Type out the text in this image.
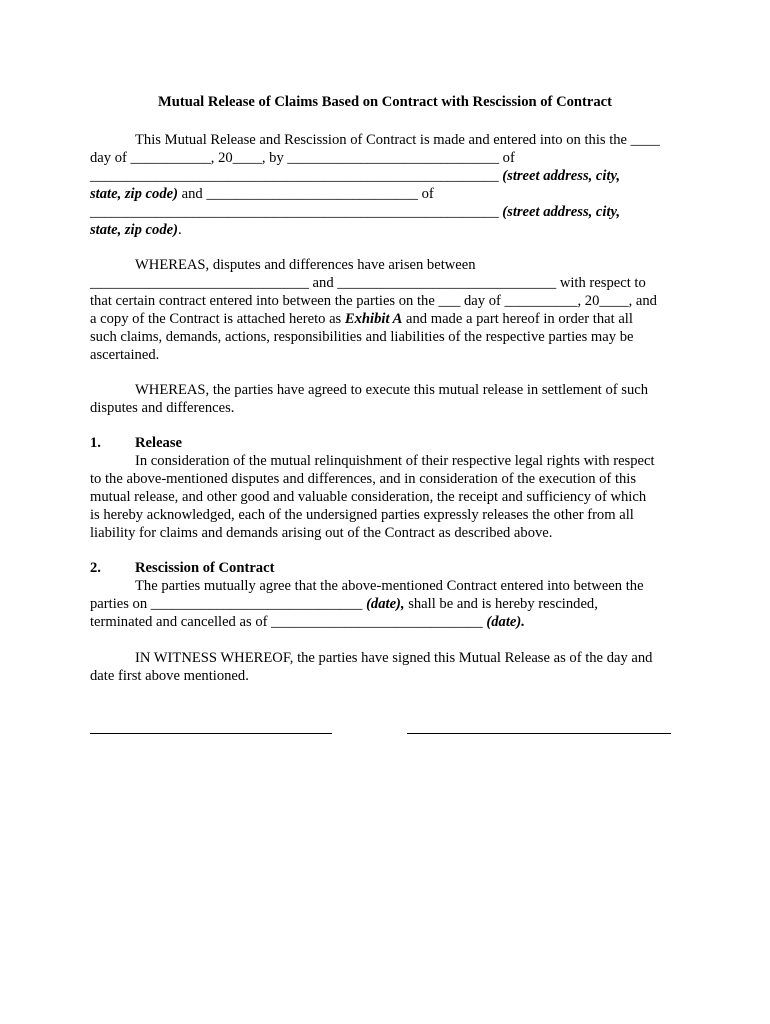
Mutual Release of Claims Based on Contract with Rescission of Contract
This Mutual Release and Rescission of Contract is made and entered into on this the ____
day of ___________, 20____, by _____________________________ of
________________________________________________________ (street address, city,
state, zip code) and _____________________________ of
________________________________________________________ (street address, city,
state, zip code).
WHEREAS, disputes and differences have arisen between
______________________________ and ______________________________ with respect to
that certain contract entered into between the parties on the ___ day of __________, 20____, and
a copy of the Contract is attached hereto as Exhibit A and made a part hereof in order that all
such claims, demands, actions, responsibilities and liabilities of the respective parties may be
ascertained.
WHEREAS, the parties have agreed to execute this mutual release in settlement of such
disputes and differences.
1. Release
In consideration of the mutual relinquishment of their respective legal rights with respect
to the above-mentioned disputes and differences, and in consideration of the execution of this
mutual release, and other good and valuable consideration, the receipt and sufficiency of which
is hereby acknowledged, each of the undersigned parties expressly releases the other from all
liability for claims and demands arising out of the Contract as described above.
2. Rescission of Contract
The parties mutually agree that the above-mentioned Contract entered into between the
parties on _____________________________ (date), shall be and is hereby rescinded,
terminated and cancelled as of _____________________________ (date).
IN WITNESS WHEREOF, the parties have signed this Mutual Release as of the day and
date first above mentioned.
